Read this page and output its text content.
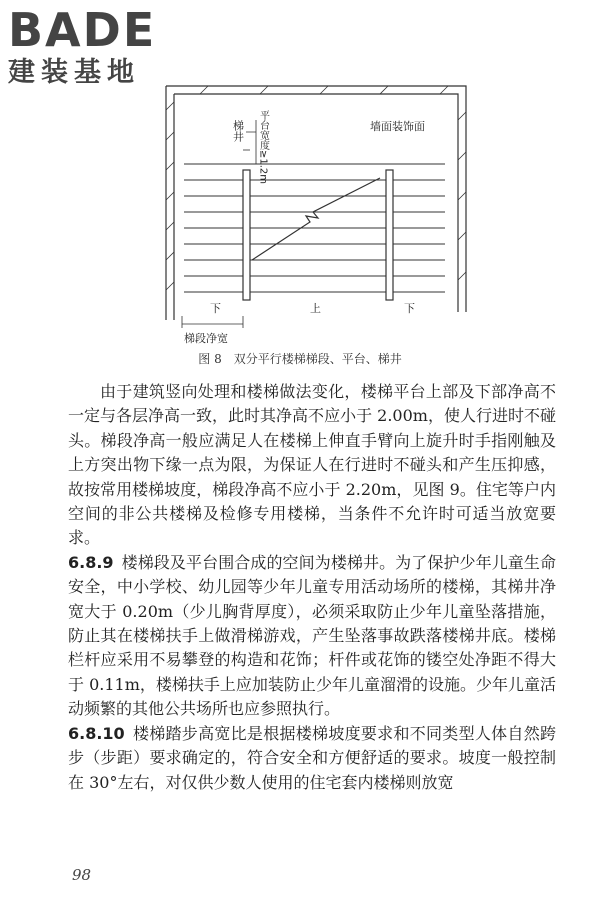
BADE
建装基地
梯井 平台宽度≥1.2m	墙面装饰面
下	上	下
梯段净宽
图 8　双分平行楼梯梯段、平台、梯井

由于建筑竖向处理和楼梯做法变化，楼梯平台上部及下部净高不一定与各层净高一致，此时其净高不应小于 2.00m，使人行进时不碰头。梯段净高一般应满足人在楼梯上伸直手臂向上旋升时手指刚触及上方突出物下缘一点为限，为保证人在行进时不碰头和产生压抑感，故按常用楼梯坡度，梯段净高不应小于 2.20m，见图 9。住宅等户内空间的非公共楼梯及检修专用楼梯，当条件不允许时可适当放宽要求。

6.8.9 楼梯段及平台围合成的空间为楼梯井。为了保护少年儿童生命安全，中小学校、幼儿园等少年儿童专用活动场所的楼梯，其梯井净宽大于 0.20m（少儿胸背厚度），必须采取防止少年儿童坠落措施，防止其在楼梯扶手上做滑梯游戏，产生坠落事故跌落楼梯井底。楼梯栏杆应采用不易攀登的构造和花饰；杆件或花饰的镂空处净距不得大于 0.11m，楼梯扶手上应加装防止少年儿童溜滑的设施。少年儿童活动频繁的其他公共场所也应参照执行。

6.8.10 楼梯踏步高宽比是根据楼梯坡度要求和不同类型人体自然跨步（步距）要求确定的，符合安全和方便舒适的要求。坡度一般控制在 30°左右，对仅供少数人使用的住宅套内楼梯则放宽

98
